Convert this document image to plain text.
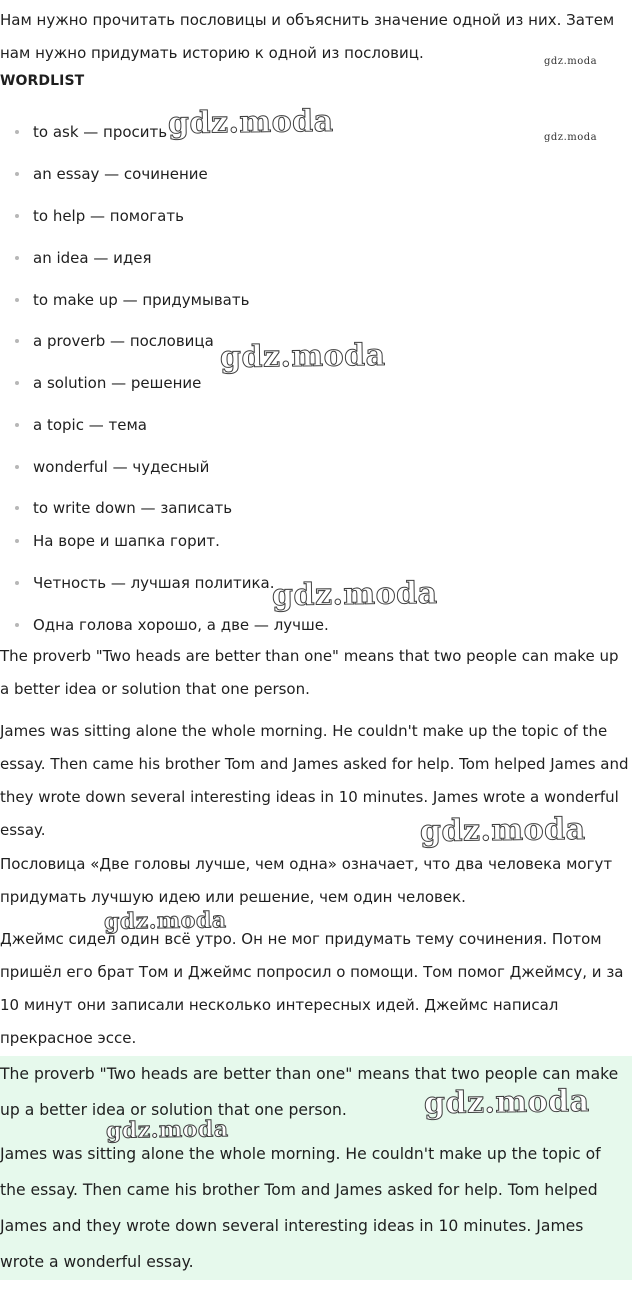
Нам нужно прочитать пословицы и объяснить значение одной из них. Затем нам нужно придумать историю к одной из пословиц.

WORDLIST
to ask — просить
an essay — сочинение
to help — помогать
an idea — идея
to make up — придумывать
a proverb — пословица
a solution — решение
a topic — тема
wonderful — чудесный
to write down — записать
На воре и шапка горит.
Четность — лучшая политика.
Одна голова хорошо, а две — лучше.

The proverb "Two heads are better than one" means that two people can make up a better idea or solution that one person.

James was sitting alone the whole morning. He couldn't make up the topic of the essay. Then came his brother Tom and James asked for help. Tom helped James and they wrote down several interesting ideas in 10 minutes. James wrote a wonderful essay.

Пословица «Две головы лучше, чем одна» означает, что два человека могут придумать лучшую идею или решение, чем один человек.

Джеймс сидел один всё утро. Он не мог придумать тему сочинения. Потом пришёл его брат Том и Джеймс попросил о помощи. Том помог Джеймсу, и за 10 минут они записали несколько интересных идей. Джеймс написал прекрасное эссе.

The proverb "Two heads are better than one" means that two people can make up a better idea or solution that one person.

James was sitting alone the whole morning. He couldn't make up the topic of the essay. Then came his brother Tom and James asked for help. Tom helped James and they wrote down several interesting ideas in 10 minutes. James wrote a wonderful essay.

gdz.moda
gdz.moda
gdz.moda
gdz.moda
gdz.moda
gdz.moda
gdz.moda
gdz.moda
gdz.moda
